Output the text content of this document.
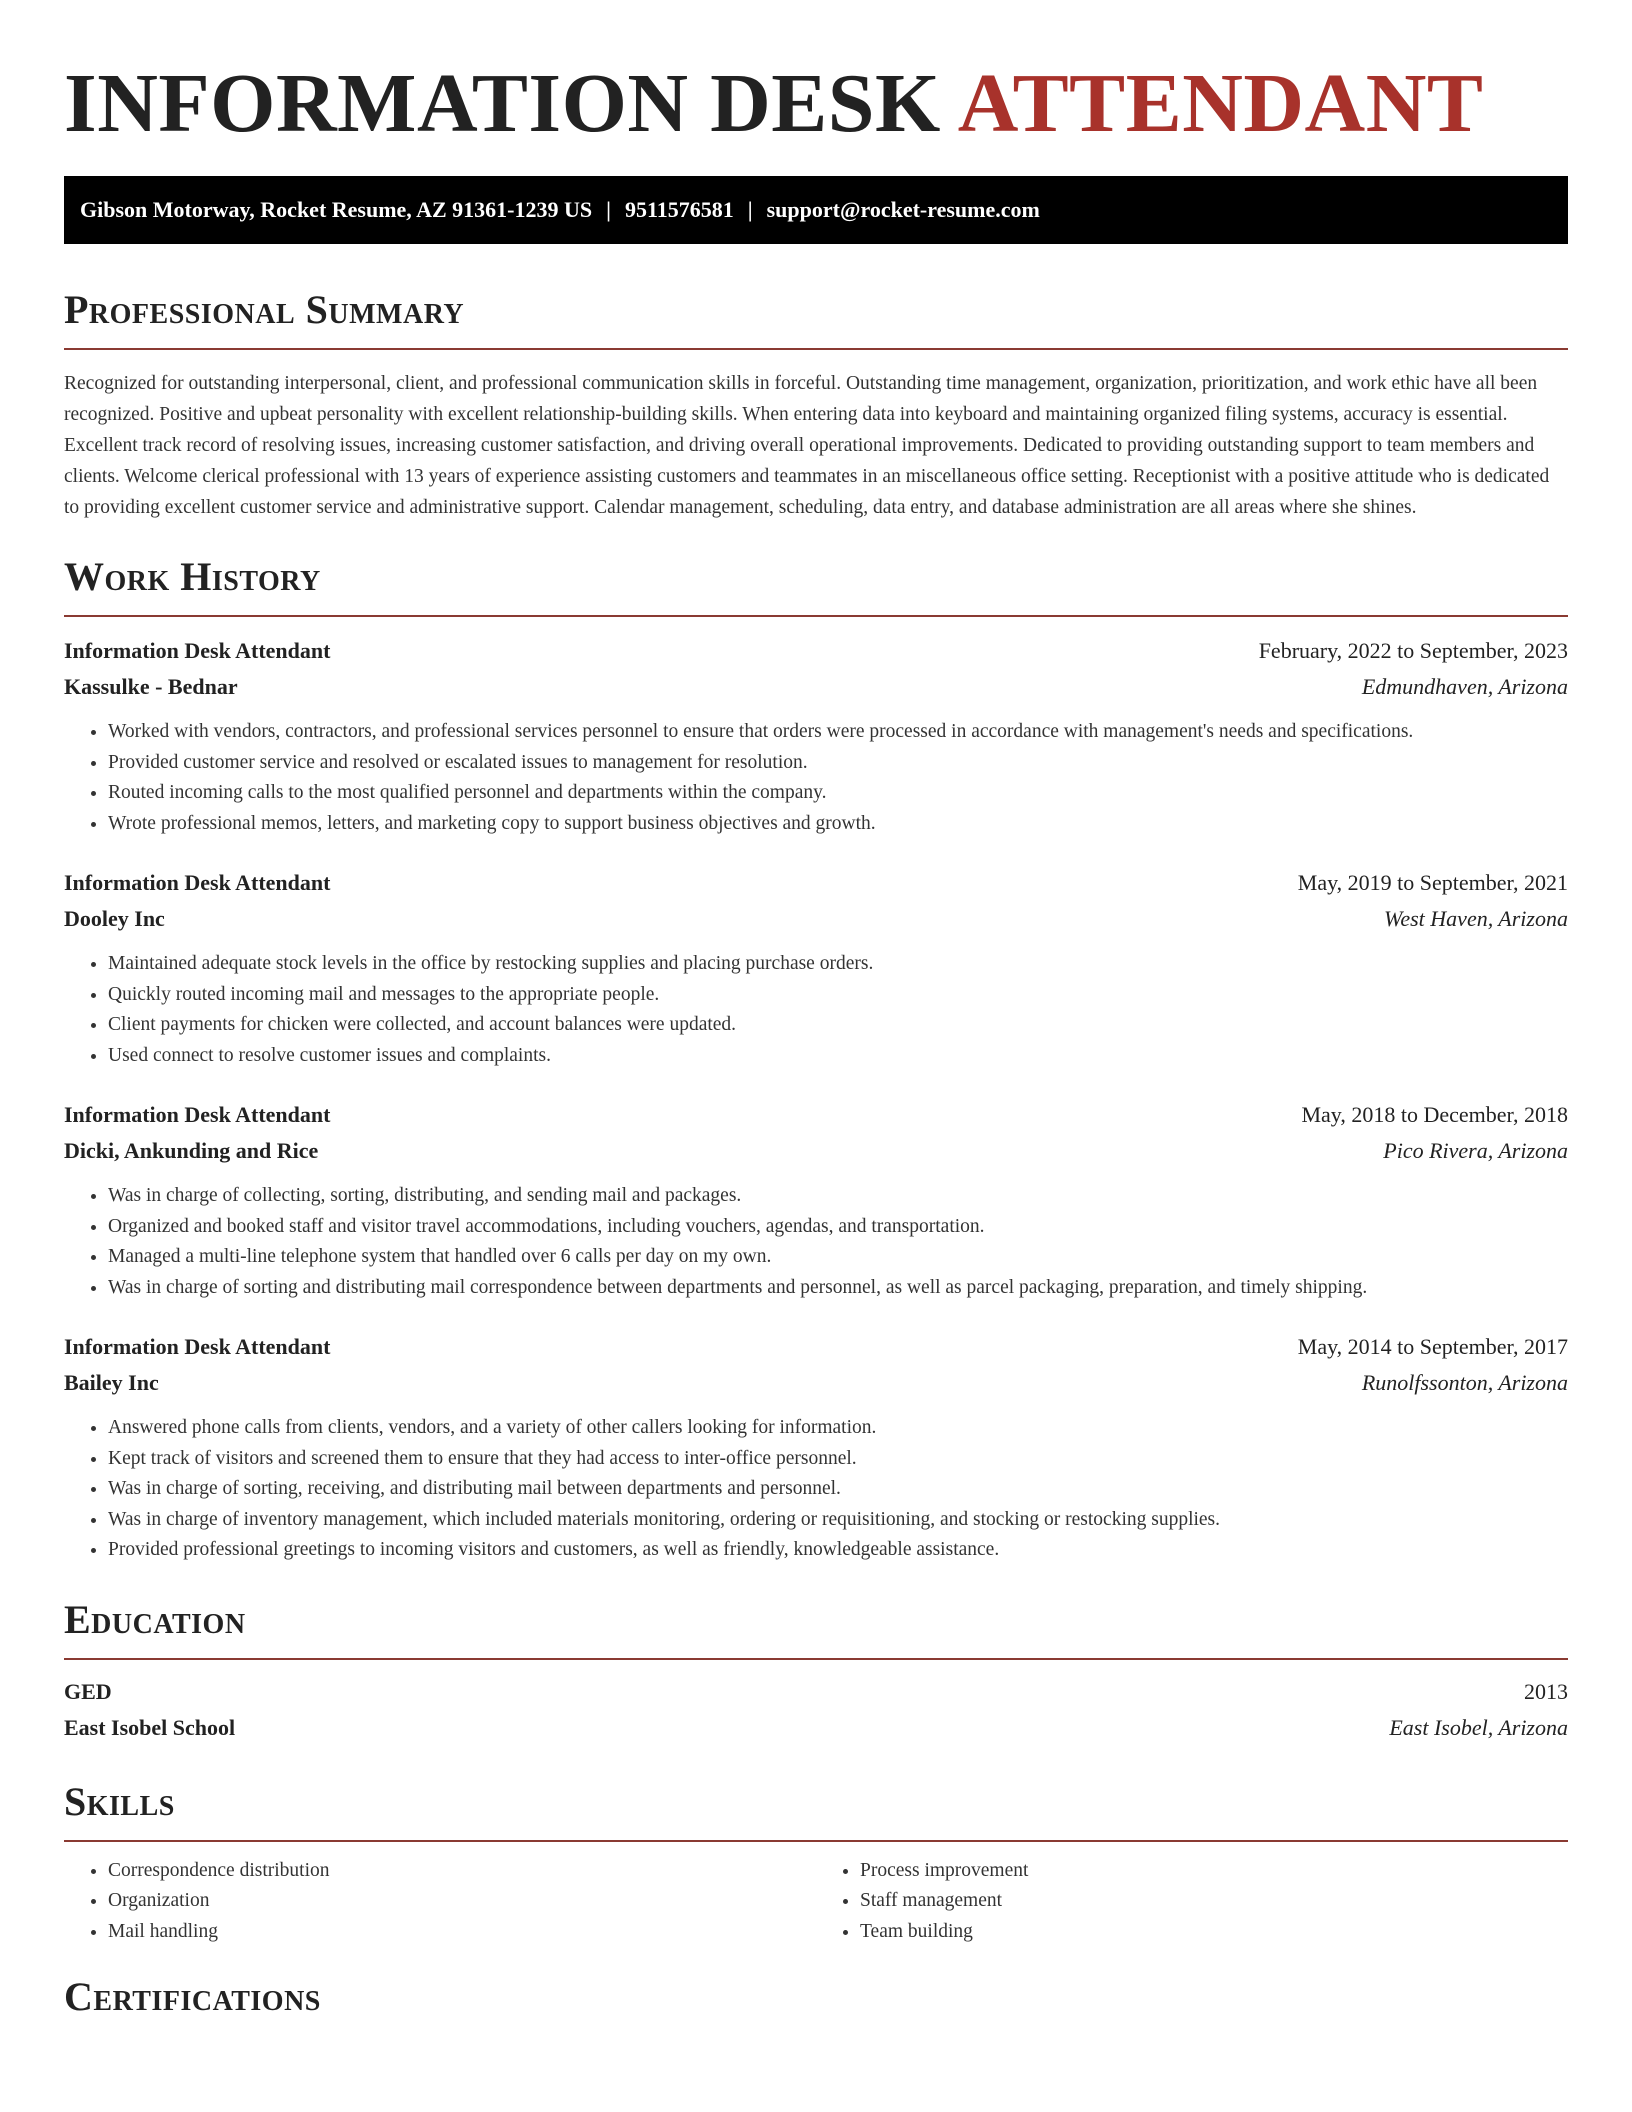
INFORMATION DESK ATTENDANT
Gibson Motorway, Rocket Resume, AZ 91361-1239 US | 9511576581 | support@rocket-resume.com
Professional Summary

Recognized for outstanding interpersonal, client, and professional communication skills in forceful. Outstanding time management, organization, prioritization, and work ethic have all been recognized. Positive and upbeat personality with excellent relationship-building skills. When entering data into keyboard and maintaining organized filing systems, accuracy is essential. Excellent track record of resolving issues, increasing customer satisfaction, and driving overall operational improvements. Dedicated to providing outstanding support to team members and clients. Welcome clerical professional with 13 years of experience assisting customers and teammates in an miscellaneous office setting. Receptionist with a positive attitude who is dedicated to providing excellent customer service and administrative support. Calendar management, scheduling, data entry, and database administration are all areas where she shines.

Work History
Information Desk Attendant	February, 2022 to September, 2023
Kassulke - Bednar	Edmundhaven, Arizona
• Worked with vendors, contractors, and professional services personnel to ensure that orders were processed in accordance with management's needs and specifications.
• Provided customer service and resolved or escalated issues to management for resolution.
• Routed incoming calls to the most qualified personnel and departments within the company.
• Wrote professional memos, letters, and marketing copy to support business objectives and growth.
Information Desk Attendant	May, 2019 to September, 2021
Dooley Inc	West Haven, Arizona
• Maintained adequate stock levels in the office by restocking supplies and placing purchase orders.
• Quickly routed incoming mail and messages to the appropriate people.
• Client payments for chicken were collected, and account balances were updated.
• Used connect to resolve customer issues and complaints.
Information Desk Attendant	May, 2018 to December, 2018
Dicki, Ankunding and Rice	Pico Rivera, Arizona
• Was in charge of collecting, sorting, distributing, and sending mail and packages.
• Organized and booked staff and visitor travel accommodations, including vouchers, agendas, and transportation.
• Managed a multi-line telephone system that handled over 6 calls per day on my own.
• Was in charge of sorting and distributing mail correspondence between departments and personnel, as well as parcel packaging, preparation, and timely shipping.
Information Desk Attendant	May, 2014 to September, 2017
Bailey Inc	Runolfssonton, Arizona
• Answered phone calls from clients, vendors, and a variety of other callers looking for information.
• Kept track of visitors and screened them to ensure that they had access to inter-office personnel.
• Was in charge of sorting, receiving, and distributing mail between departments and personnel.
• Was in charge of inventory management, which included materials monitoring, ordering or requisitioning, and stocking or restocking supplies.
• Provided professional greetings to incoming visitors and customers, as well as friendly, knowledgeable assistance.
Education
GED	2013
East Isobel School	East Isobel, Arizona
Skills
• Correspondence distribution
• Organization
• Mail handling
• Process improvement
• Staff management
• Team building
Certifications
